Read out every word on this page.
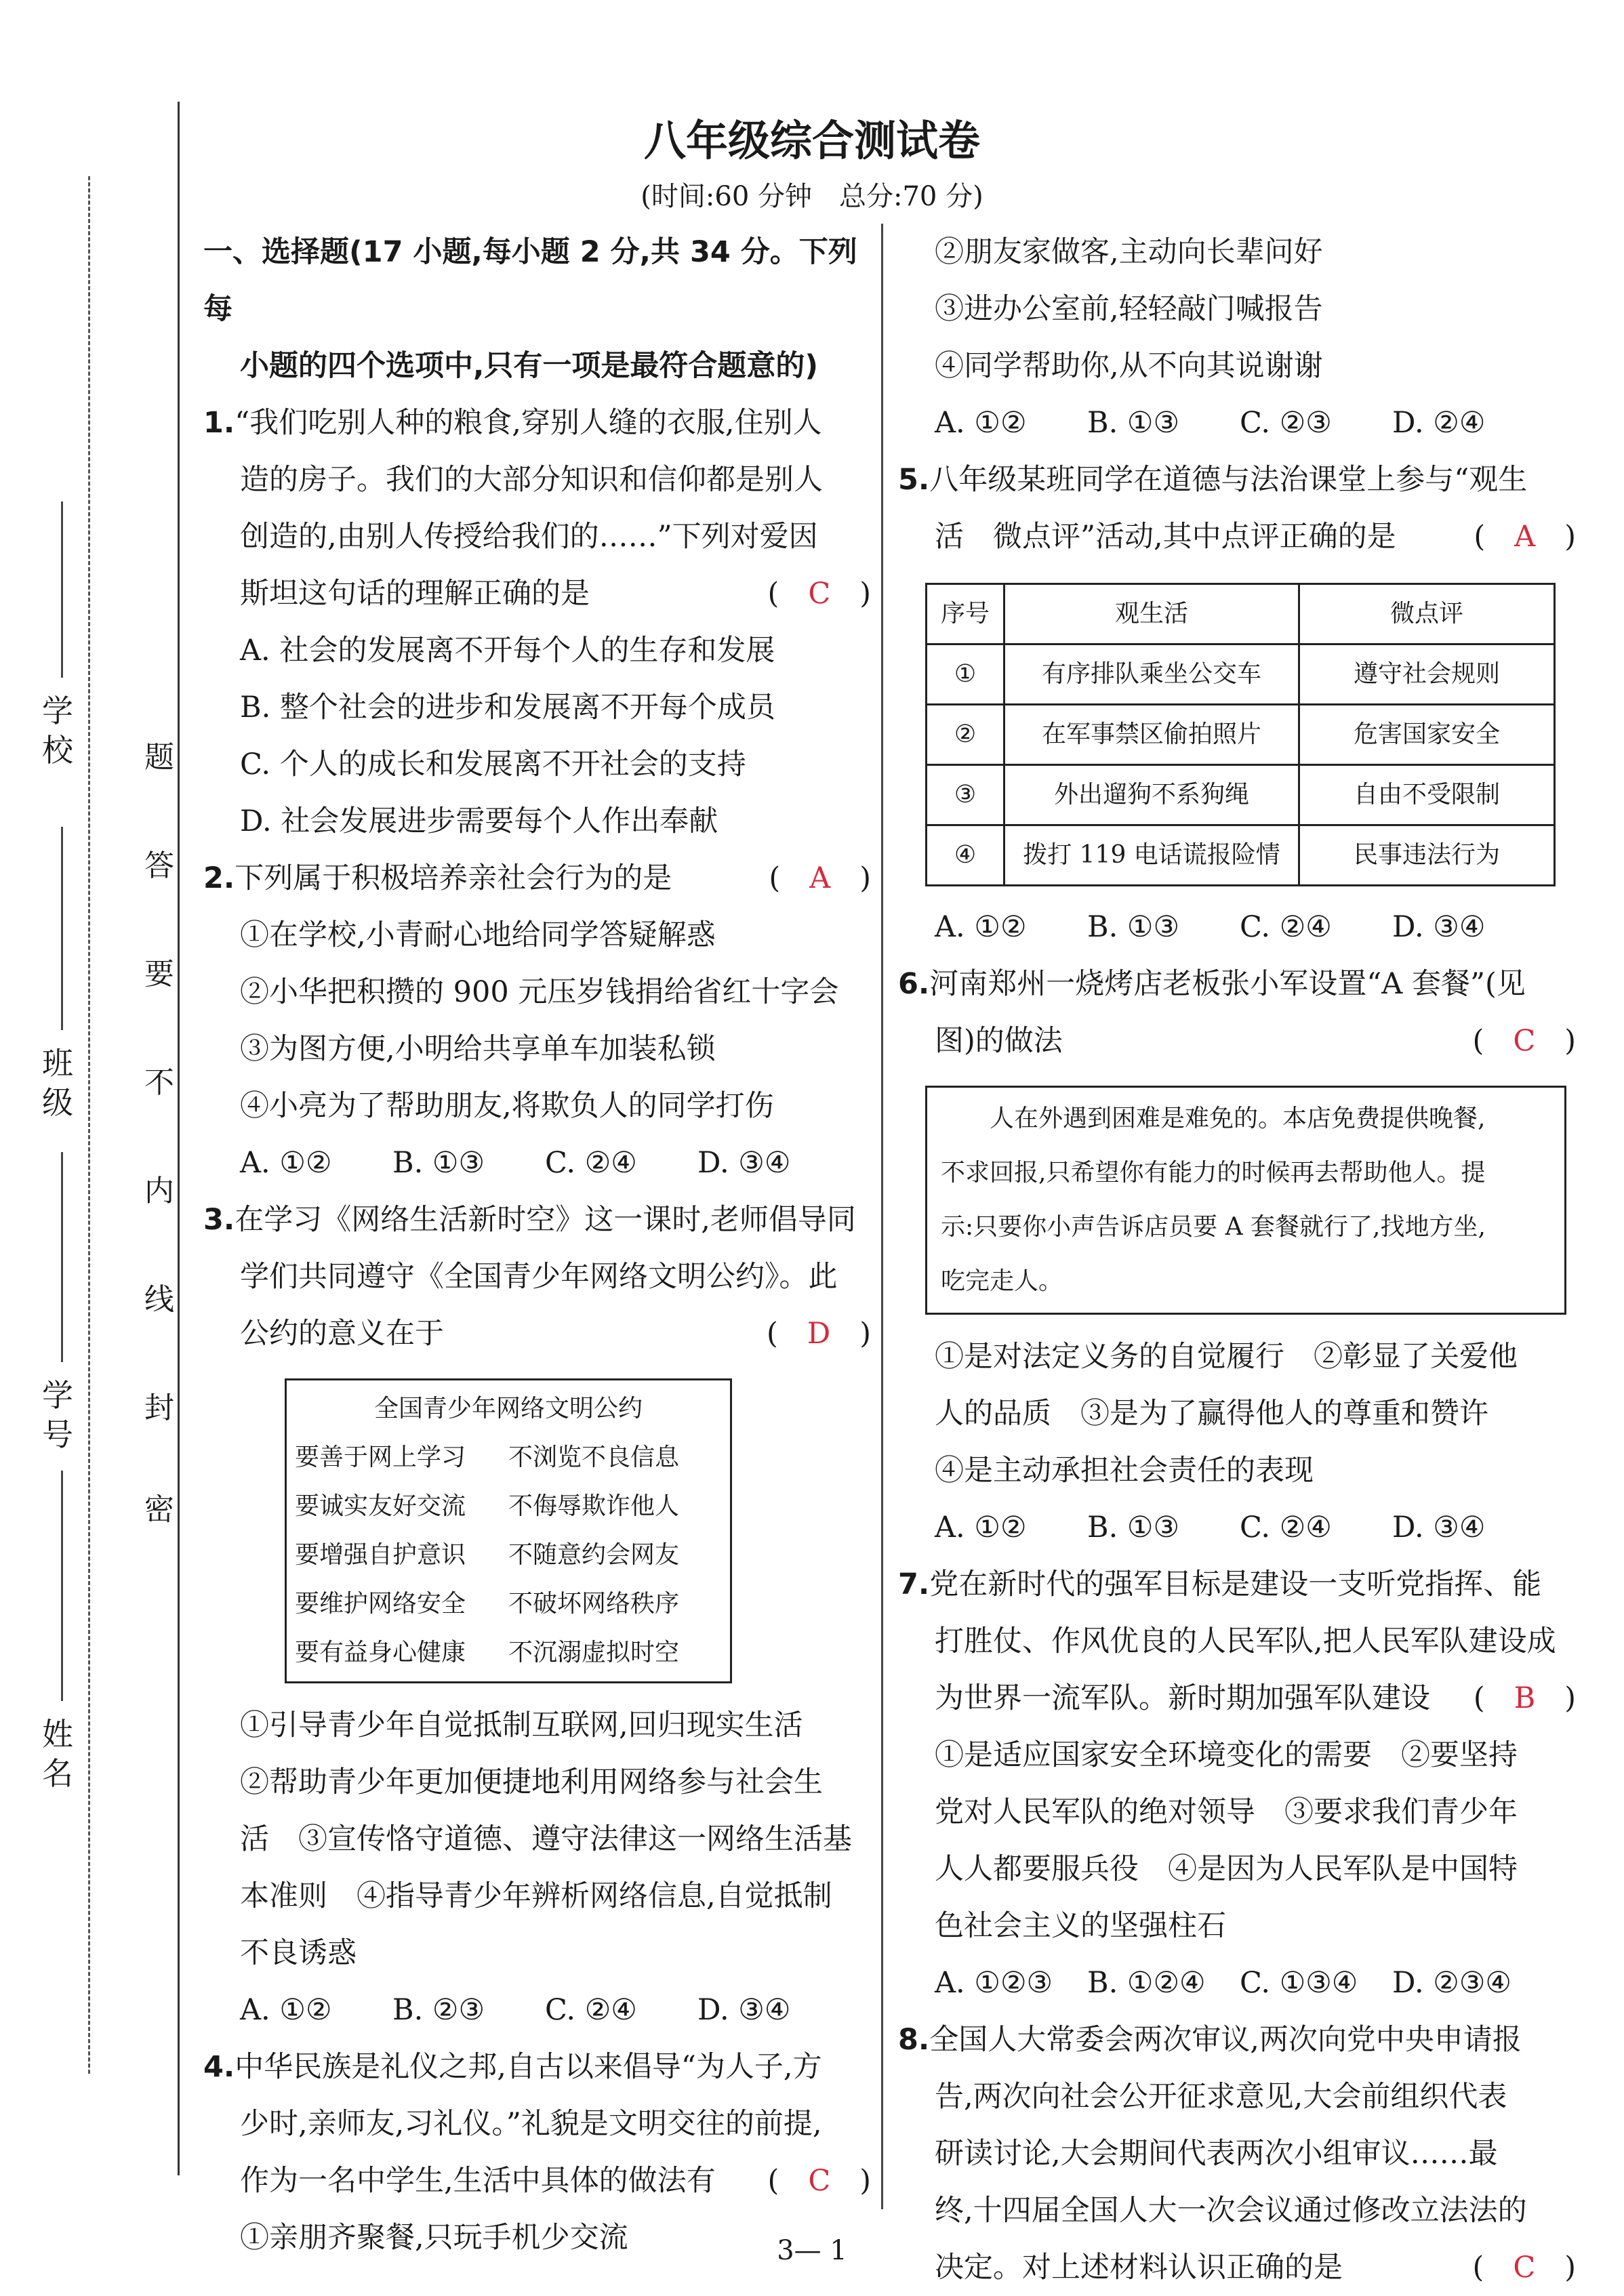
学校
班级
学号
姓名
题
答
要
不
内
线
封
密
八年级综合测试卷
(时间:60 分钟　总分:70 分)

一、选择题(17 小题,每小题 2 分,共 34 分。下列每

小题的四个选项中,只有一项是最符合题意的)

1.“我们吃别人种的粮食,穿别人缝的衣服,住别人

造的房子。我们的大部分知识和信仰都是别人

创造的,由别人传授给我们的……”下列对爱因

斯坦这句话的理解正确的是	(　C　)

A. 社会的发展离不开每个人的生存和发展

B. 整个社会的进步和发展离不开每个成员

C. 个人的成长和发展离不开社会的支持

D. 社会发展进步需要每个人作出奉献

2.下列属于积极培养亲社会行为的是	(　A　)

①在学校,小青耐心地给同学答疑解惑

②小华把积攒的 900 元压岁钱捐给省红十字会

③为图方便,小明给共享单车加装私锁

④小亮为了帮助朋友,将欺负人的同学打伤

A. ①②	B. ①③	C. ②④	D. ③④

3.在学习《网络生活新时空》这一课时,老师倡导同

学们共同遵守《全国青少年网络文明公约》。此

公约的意义在于	(　D　)

全国青少年网络文明公约
要善于网上学习	不浏览不良信息
要诚实友好交流	不侮辱欺诈他人
要增强自护意识	不随意约会网友
要维护网络安全	不破坏网络秩序
要有益身心健康	不沉溺虚拟时空

①引导青少年自觉抵制互联网,回归现实生活

②帮助青少年更加便捷地利用网络参与社会生

活　③宣传恪守道德、遵守法律这一网络生活基

本准则　④指导青少年辨析网络信息,自觉抵制

不良诱惑

A. ①②	B. ②③	C. ②④	D. ③④

4.中华民族是礼仪之邦,自古以来倡导“为人子,方

少时,亲师友,习礼仪。”礼貌是文明交往的前提,

作为一名中学生,生活中具体的做法有 (　C　)

①亲朋齐聚餐,只玩手机少交流

②朋友家做客,主动向长辈问好

③进办公室前,轻轻敲门喊报告

④同学帮助你,从不向其说谢谢

A. ①②	B. ①③	C. ②③	D. ②④

5.八年级某班同学在道德与法治课堂上参与“观生

活　微点评”活动,其中点评正确的是	(　A　)

序号	观生活	微点评
①	有序排队乘坐公交车	遵守社会规则
②	在军事禁区偷拍照片	危害国家安全
③	外出遛狗不系狗绳	自由不受限制
④	拨打 119 电话谎报险情	民事违法行为
A. ①②	B. ①③	C. ②④	D. ③④

6.河南郑州一烧烤店老板张小军设置“A 套餐”(见

图)的做法	(　C　)

　　人在外遇到困难是难免的。本店免费提供晚餐,
不求回报,只希望你有能力的时候再去帮助他人。提
示:只要你小声告诉店员要 A 套餐就行了,找地方坐,
吃完走人。

①是对法定义务的自觉履行　②彰显了关爱他

人的品质　③是为了赢得他人的尊重和赞许

④是主动承担社会责任的表现

A. ①②	B. ①③	C. ②④	D. ③④

7.党在新时代的强军目标是建设一支听党指挥、能

打胜仗、作风优良的人民军队,把人民军队建设成

为世界一流军队。新时期加强军队建设 (　B　)

①是适应国家安全环境变化的需要　②要坚持

党对人民军队的绝对领导　③要求我们青少年

人人都要服兵役　④是因为人民军队是中国特

色社会主义的坚强柱石

A. ①②③	B. ①②④	C. ①③④	D. ②③④

8.全国人大常委会两次审议,两次向党中央申请报

告,两次向社会公开征求意见,大会前组织代表

研读讨论,大会期间代表两次小组审议……最

终,十四届全国人大一次会议通过修改立法法的

决定。对上述材料认识正确的是	(　C　)

3— 1
